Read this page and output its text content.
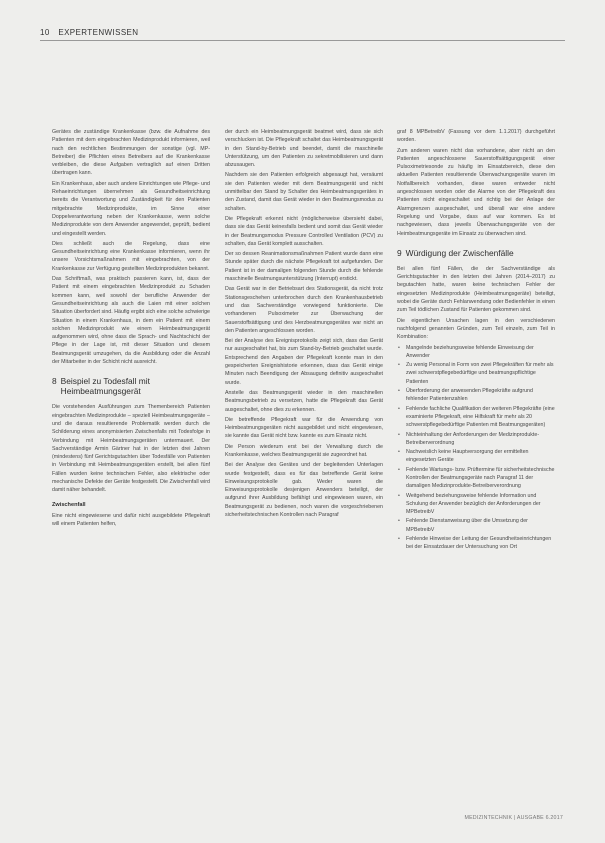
10 EXPERTENWISSEN

Gerätes die zuständige Krankenkasse (bzw. die Aufnahme des Patienten mit dem eingebrachten Medizinprodukt informieren, weil nach den rechtlichen Bestimmungen der sonstige (vgl. MP-Betreiber) die Pflichten eines Betreibers auf die Krankenkasse verbleiben, die diese Aufgaben vertraglich auf einen Dritten übertragen kann.

Ein Krankenhaus, aber auch andere Einrichtungen wie Pflege- und Rehaeinrichtungen übernehmen als Gesundheitseinrichtung bereits die Verantwortung und Zuständigkeit für den Patienten mitgebrachte Medizinprodukte, im Sinne einer Doppelverantwortung neben der Krankenkasse, wenn solche Medizinprodukte von dem Anwender angewendet, geprüft, bedient und eingestellt werden.

Dies schließt auch die Regelung, dass eine Gesundheitseinrichtung eine Krankenkasse informieren, wenn ihr unsere Vorsichtsmaßnahmen mit eingebrachten, von der Krankenkasse zur Verfügung gestellten Medizinprodukten bekannt.

Das Schriftmaß, was praktisch passieren kann, ist, dass der Patient mit einem eingebrachten Medizinprodukt zu Schaden kommen kann, weil sowohl der berufliche Anwender der Gesundheitseinrichtung als auch die Laien mit einer solchen Situation überfordert sind. Häufig ergibt sich eine solche schwierige Situation in einem Krankenhaus, in dem ein Patient mit einem solchen Medizinprodukt wie einem Heimbeatmungsgerät aufgenommen wird, ohne dass die Sprach- und Nachtschicht der Pflege in der Lage ist, mit dieser Situation und diesem Beatmungsgerät umzugehen, da die Ausbildung oder die Anzahl der Mitarbeiter in der Schicht nicht ausreicht.

8 Beispiel zu Todesfall mit Heimbeatmungsgerät

Die vorstehenden Ausführungen zum Themenbereich Patienten eingebrachten Medizinprodukte – speziell Heimbeatmungsgeräte – und die daraus resultierende Problematik werden durch die Schilderung eines anonymisierten Zwischenfalls mit Todesfolge in Verbindung mit Heimbeatmungsgeräten untermauert. Der Sachverständige Armin Gärtner hat in der letzten drei Jahren (mindestens) fünf Gerichtsgutachten über Todesfälle von Patienten in Verbindung mit Heimbeatmungsgeräten erstellt, bei allen fünf Fällen wurden keine technischen Fehler, also elektrische oder mechanische Defekte der Geräte festgestellt. Die Zwischenfall wird damit näher behandelt.

Zwischenfall

Eine nicht eingewiesene und dafür nicht ausgebildete Pflegekraft will einem Patienten helfen,

der durch ein Heimbeatmungsgerät beatmet wird, dass sie sich verschlucken ist. Die Pflegekraft schaltet das Heimbeatmungsgerät in den Stand-by-Betrieb und beendet, damit die maschinelle Unterstützung, um den Patienten zu sekretmobilisieren und dann abzusaugen.

Nachdem sie den Patienten erfolgreich abgesaugt hat, versäumt sie den Patienten wieder mit dem Beatmungsgerät und nicht unmittelbar den Stand by Schalter des Heimbeatmungsgerätes in den Zustand, damit das Gerät wieder in den Beatmungsmodus zu schalten.

Die Pflegekraft erkennt nicht (möglicherweise übersieht dabei, dass sie das Gerät keinesfalls bedient und somit das Gerät wieder in der Beatmungsmodus Pressure Controlled Ventilation (PCV) zu schalten, das Gerät komplett ausschalten.

Der so dessen Reanimationsmaßnahmen Patient wurde dann eine Stunde später durch die nächste Pflegekraft tot aufgefunden. Der Patient ist in der damaligen folgenden Stunde durch die fehlende maschinelle Beatmungsunterstützung (Interrupt) erstickt.

Das Gerät war in der Betriebsart des Stationsgerät, da nicht trotz Stationsgeschehen unterbrochen durch den Krankenhausbetrieb und das Sachverständige vorwiegend funktionierte. Die vorhandenen Pulsoximeter zur Überwachung der Sauerstoffsättigung und des Herzbeatmungsgerätes war nicht an den Patienten angeschlossen worden.

Bei der Analyse des Ereignisprotokolls zeigt sich, dass das Gerät nur ausgeschaltet hat, bis zum Stand-by-Betrieb geschaltet wurde. Entsprechend den Angaben der Pflegekraft konnte man in den gespeicherten Ereignishistorie erkennen, dass das Gerät einige Minuten nach Beendigung der Absaugung definitiv ausgeschaltet wurde.

Anstelle das Beatmungsgerät wieder in den maschinellen Beatmungsbetrieb zu versetzen, hatte die Pflegekraft das Gerät ausgeschaltet, ohne dies zu erkennen.

Die betreffende Pflegekraft war für die Anwendung von Heimbeatmungsgeräten nicht ausgebildet und nicht eingewiesen, sie kannte das Gerät nicht bzw. kannte es zum Einsatz nicht.

Die Person wiederum erst bei der Verwaltung durch die Krankenkasse, welches Beatmungsgerät sie zugeordnet hat.

Bei der Analyse des Gerätes und der begleitenden Unterlagen wurde festgestellt, dass es für das betreffende Gerät keine Einweisungsprotokolle gab. Weder waren die Einweisungsprotokolle desjenigen Anwenders beteiligt, der aufgrund ihrer Ausbildung befähigt und eingewiesen waren, ein Beatmungsgerät zu bedienen, noch waren die vorgeschriebenen sicherheitstechnischen Kontrollen nach Paragraf

graf 8 MPBetreibV (Fassung vor dem 1.1.2017) durchgeführt worden.

Zum anderen waren nicht das vorhandene, aber nicht an den Patienten angeschlossene Sauerstoffsättigungsgerät einer Pulsoximetriesonde zu häufig im Einsatzbereich, diese den aktuellen Patienten resultierende Überwachungsgeräte waren im Notfallbereich vorhanden, diese waren entweder nicht angeschlossen worden oder die Alarme von der Pflegekraft des Patienten nicht eingeschaltet und richtig bei der Anlage der Alarmgrenzen ausgeschaltet, und überall war eine andere Regelung und Vorgabe, dass auf war kommen. Es ist nachgewiesen, dass jeweils Überwachungsgeräte von der Heimbeatmungsgeräte im Einsatz zu überwachen sind.

9 Würdigung der Zwischenfälle

Bei allen fünf Fällen, die der Sachverständige als Gerichtsgutachter in den letzten drei Jahren (2014–2017) zu begutachten hatte, waren keine technischen Fehler der eingesetzten Medizinprodukte (Heimbeatmungsgeräte) beteiligt, wobei die Geräte durch Fehlanwendung oder Bedienfehler in einen zum Teil tödlichen Zustand für Patienten gekommen sind.

Die eigentlichen Ursachen lagen in den verschiedenen nachfolgend genannten Gründen, zum Teil einzeln, zum Teil in Kombination:

• Mangelnde beziehungsweise fehlende Einweisung der Anwender
• Zu wenig Personal in Form von zwei Pflegekräften für mehr als zwei schwerstpflegebedürftige und beatmungspflichtige Patienten
• Überforderung der anwesenden Pflegekräfte aufgrund fehlender Patientenzahlen
• Fehlende fachliche Qualifikation der weiteren Pflegekräfte (eine examinierte Pflegekraft, eine Hilfskraft für mehr als 20 schwerstpflegebedürftige Patienten mit Beatmungsgeräten)
• Nichteinhaltung der Anforderungen der Medizinprodukte-Betreiberverordnung
• Nachweislich keine Hauptversorgung der ermittelten eingesetzten Geräte
• Fehlende Wartungs- bzw. Prüftermine für sicherheitstechnische Kontrollen der Beatmungsgeräte nach Paragraf 11 der damaligen Medizinprodukte-Betreiberverordnung
• Weitgehend beziehungsweise fehlende Information und Schulung der Anwender bezüglich der Anforderungen der MPBetreibV
• Fehlende Dienstanweisung über die Umsetzung der MPBetreibV
• Fehlende Hinweise der Leitung der Gesundheitseinrichtungen bei der Einsatzdauer der Untersuchung von Ort
MEDIZINTECHNIK | AUSGABE 6.2017
